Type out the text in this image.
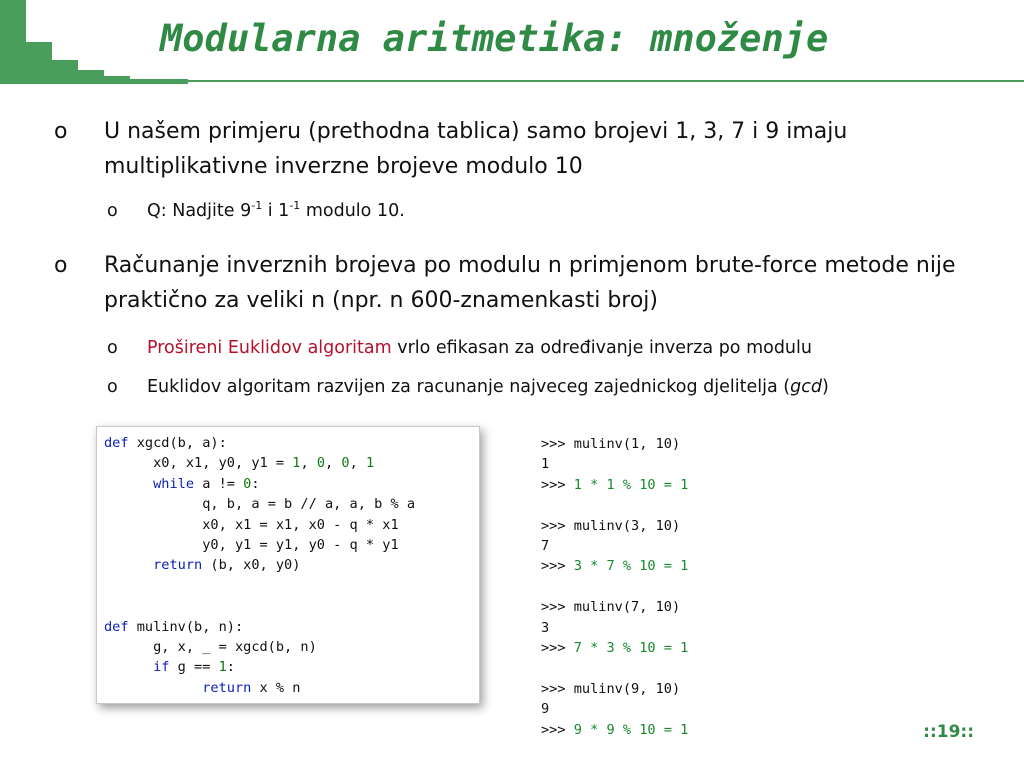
Modularna aritmetika: množenje
o U našem primjeru (prethodna tablica) samo brojevi 1, 3, 7 i 9 imaju multiplikativne inverzne brojeve modulo 10
o Q: Nadjite $9^{-1}$ i $1^{-1}$ modulo 10.
o Računanje inverznih brojeva po modulu n primjenom brute-force metode nije praktično za veliki n (npr. n 600-znamenkasti broj)
o Prošireni Euklidov algoritam vrlo efikasan za određivanje inverza po modulu
o Euklidov algoritam razvijen za racunanje najveceg zajednickog djelitelja (gcd)
def xgcd(b, a):
x0, x1, y0, y1 = 1, 0, 0, 1
while a != 0:
q, b, a = b // a, a, b % a
x0, x1 = x1, x0 - q * x1
y0, y1 = y1, y0 - q * y1
return (b, x0, y0)

def mulinv(b, n):
g, x, _ = xgcd(b, n)
if g == 1:
return x % n
>>> mulinv(1, 10)
1
>>> 1 * 1 % 10 = 1

>>> mulinv(3, 10)
7
>>> 3 * 7 % 10 = 1

>>> mulinv(7, 10)
3
>>> 7 * 3 % 10 = 1

>>> mulinv(9, 10)
9
>>> 9 * 9 % 10 = 1	::19::
